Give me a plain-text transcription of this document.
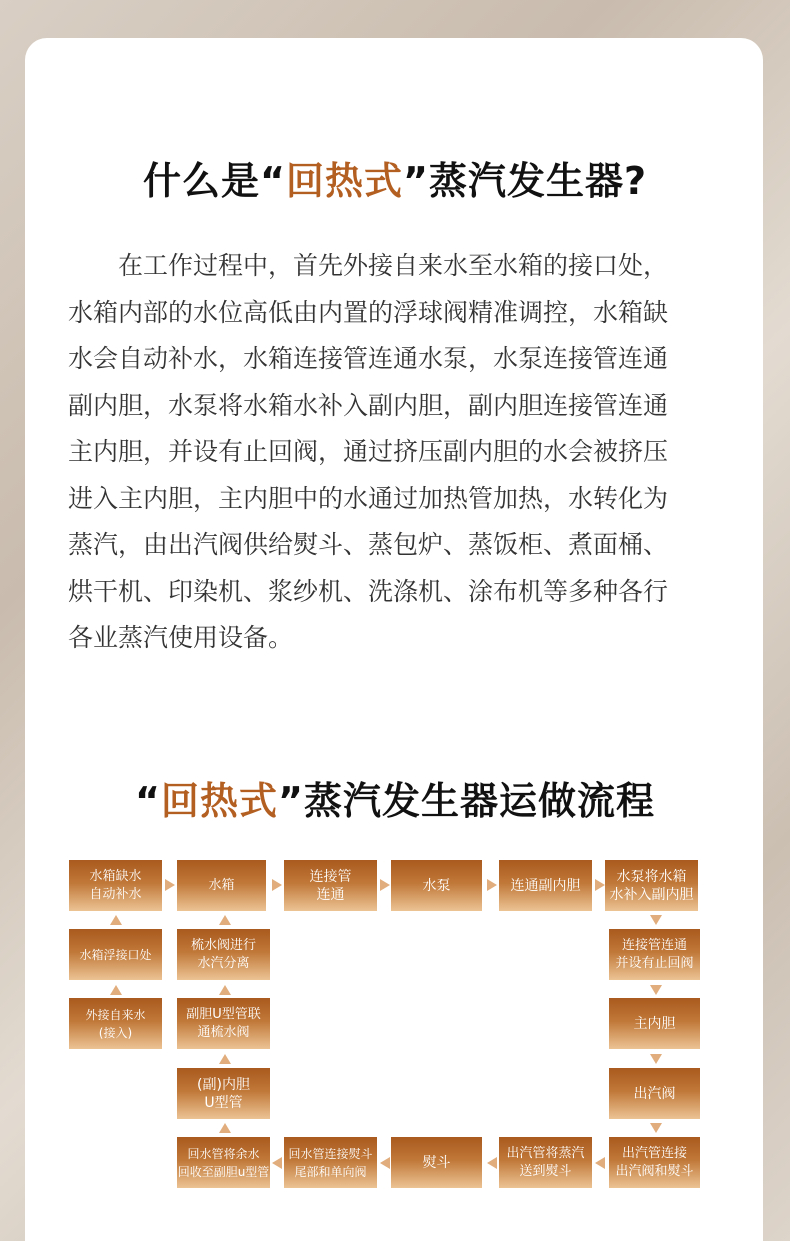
什么是“回热式”蒸汽发生器?
　　在工作过程中，首先外接自来水至水箱的接口处，
水箱内部的水位高低由内置的浮球阀精准调控，水箱缺
水会自动补水，水箱连接管连通水泵，水泵连接管连通
副内胆，水泵将水箱水补入副内胆，副内胆连接管连通
主内胆，并设有止回阀，通过挤压副内胆的水会被挤压
进入主内胆，主内胆中的水通过加热管加热，水转化为
蒸汽，由出汽阀供给熨斗、蒸包炉、蒸饭柜、煮面桶、
烘干机、印染机、浆纱机、洗涤机、涂布机等多种各行
各业蒸汽使用设备。
“回热式”蒸汽发生器运做流程
水箱缺水
自动补水
水箱
连接管
连通
水泵	连通副内胆
水泵将水箱
水补入副内胆
水箱浮接口处
梳水阀进行
水汽分离
连接管连通
并设有止回阀
外接自来水
(接入)
副胆U型管联
通梳水阀
主内胆
(副)内胆
U型管
出汽阀
回水管将余水
回收至副胆u型管
回水管连接熨斗
尾部和单向阀
熨斗
出汽管将蒸汽
送到熨斗
出汽管连接
出汽阀和熨斗
